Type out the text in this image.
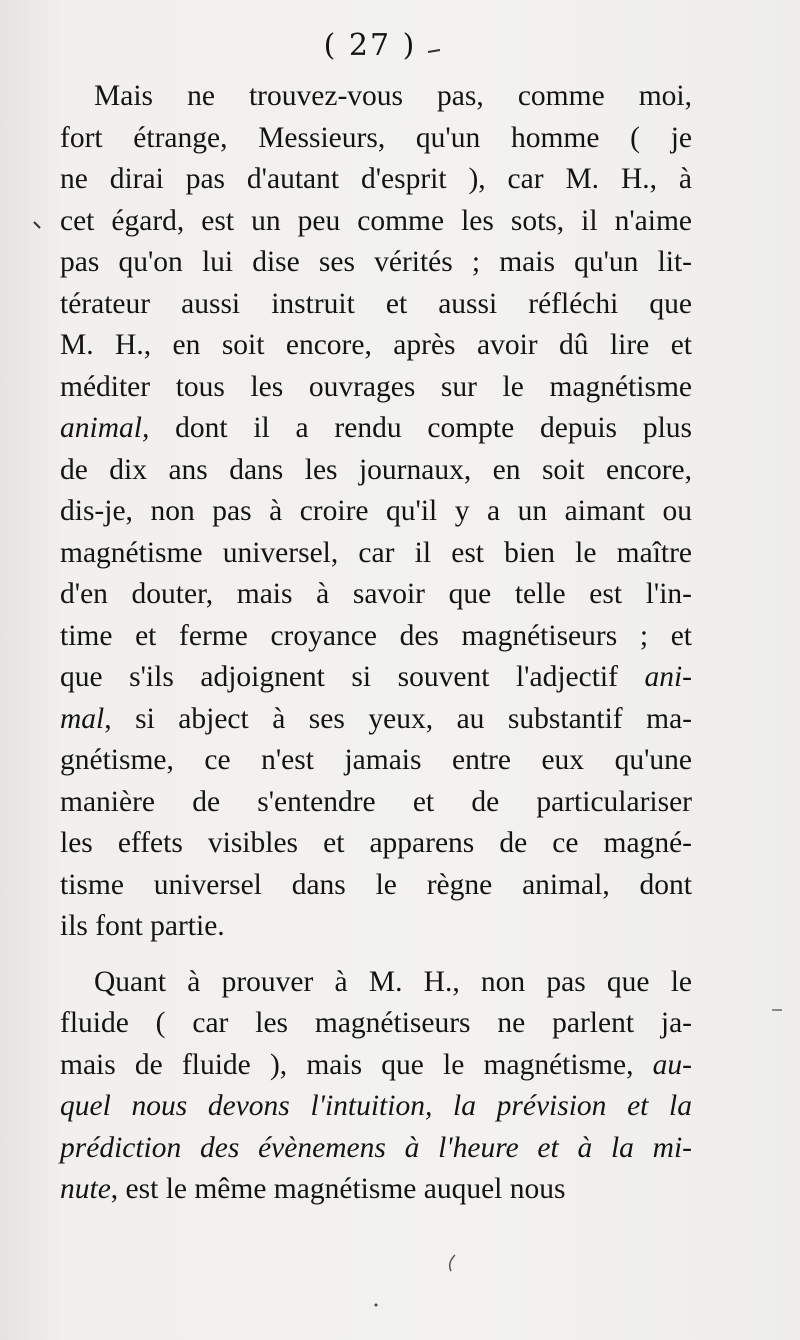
( 27 )
Mais ne trouvez-vous pas, comme moi,
fort étrange, Messieurs, qu'un homme ( je
ne dirai pas d'autant d'esprit ), car M. H., à
cet égard, est un peu comme les sots, il n'aime
pas qu'on lui dise ses vérités ; mais qu'un lit-
térateur aussi instruit et aussi réfléchi que
M. H., en soit encore, après avoir dû lire et
méditer tous les ouvrages sur le magnétisme
animal, dont il a rendu compte depuis plus
de dix ans dans les journaux, en soit encore,
dis-je, non pas à croire qu'il y a un aimant ou
magnétisme universel, car il est bien le maître
d'en douter, mais à savoir que telle est l'in-
time et ferme croyance des magnétiseurs ; et
que s'ils adjoignent si souvent l'adjectif ani-
mal, si abject à ses yeux, au substantif ma-
gnétisme, ce n'est jamais entre eux qu'une
manière de s'entendre et de particulariser
les effets visibles et apparens de ce magné-
tisme universel dans le règne animal, dont
ils font partie.
Quant à prouver à M. H., non pas que le
fluide ( car les magnétiseurs ne parlent ja-
mais de fluide ), mais que le magnétisme, au-
quel nous devons l'intuition, la prévision et la
prédiction des évènemens à l'heure et à la mi-
nute, est le même magnétisme auquel nous
